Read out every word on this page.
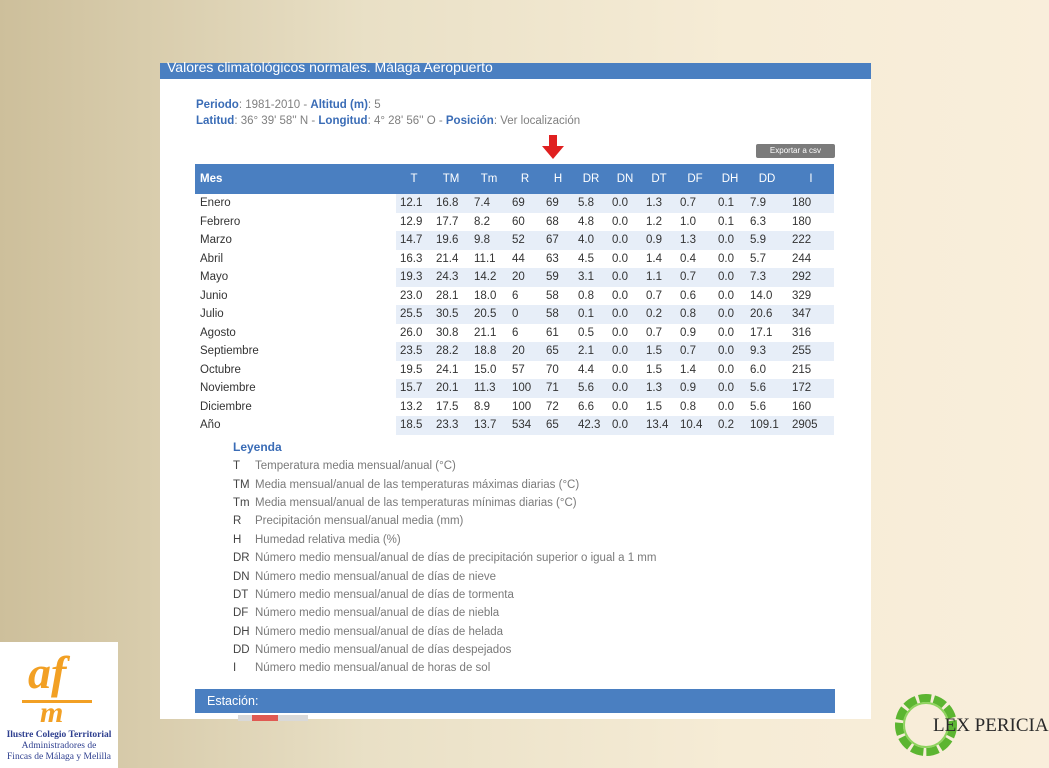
Valores climatológicos normales. Málaga Aeropuerto
Periodo: 1981-2010 - Altitud (m): 5
Latitud: 36° 39' 58'' N - Longitud: 4° 28' 56'' O - Posición: Ver localización
Exportar a csv
Mes	T	TM	Tm	R	H	DR	DN	DT	DF	DH	DD	I
Enero	12.1	16.8	7.4	69	69	5.8	0.0	1.3	0.7	0.1	7.9	180
Febrero	12.9	17.7	8.2	60	68	4.8	0.0	1.2	1.0	0.1	6.3	180
Marzo	14.7	19.6	9.8	52	67	4.0	0.0	0.9	1.3	0.0	5.9	222
Abril	16.3	21.4	11.1	44	63	4.5	0.0	1.4	0.4	0.0	5.7	244
Mayo	19.3	24.3	14.2	20	59	3.1	0.0	1.1	0.7	0.0	7.3	292
Junio	23.0	28.1	18.0	6	58	0.8	0.0	0.7	0.6	0.0	14.0	329
Julio	25.5	30.5	20.5	0	58	0.1	0.0	0.2	0.8	0.0	20.6	347
Agosto	26.0	30.8	21.1	6	61	0.5	0.0	0.7	0.9	0.0	17.1	316
Septiembre	23.5	28.2	18.8	20	65	2.1	0.0	1.5	0.7	0.0	9.3	255
Octubre	19.5	24.1	15.0	57	70	4.4	0.0	1.5	1.4	0.0	6.0	215
Noviembre	15.7	20.1	11.3	100	71	5.6	0.0	1.3	0.9	0.0	5.6	172
Diciembre	13.2	17.5	8.9	100	72	6.6	0.0	1.5	0.8	0.0	5.6	160
Año	18.5	23.3	13.7	534	65	42.3	0.0	13.4	10.4	0.2	109.1	2905
Leyenda
T	Temperatura media mensual/anual (°C)
TM Media mensual/anual de las temperaturas máximas diarias (°C)
Tm Media mensual/anual de las temperaturas mínimas diarias (°C)
R	Precipitación mensual/anual media (mm)
H	Humedad relativa media (%)
DR Número medio mensual/anual de días de precipitación superior o igual a 1 mm
DN Número medio mensual/anual de días de nieve
DT Número medio mensual/anual de días de tormenta
DF Número medio mensual/anual de días de niebla
DH Número medio mensual/anual de días de helada
DD Número medio mensual/anual de días despejados
I	Número medio mensual/anual de horas de sol
Estación:
af
m
Ilustre Colegio Territorial
Administradores de
Fincas de Málaga y Melilla
LEX PERICIA
